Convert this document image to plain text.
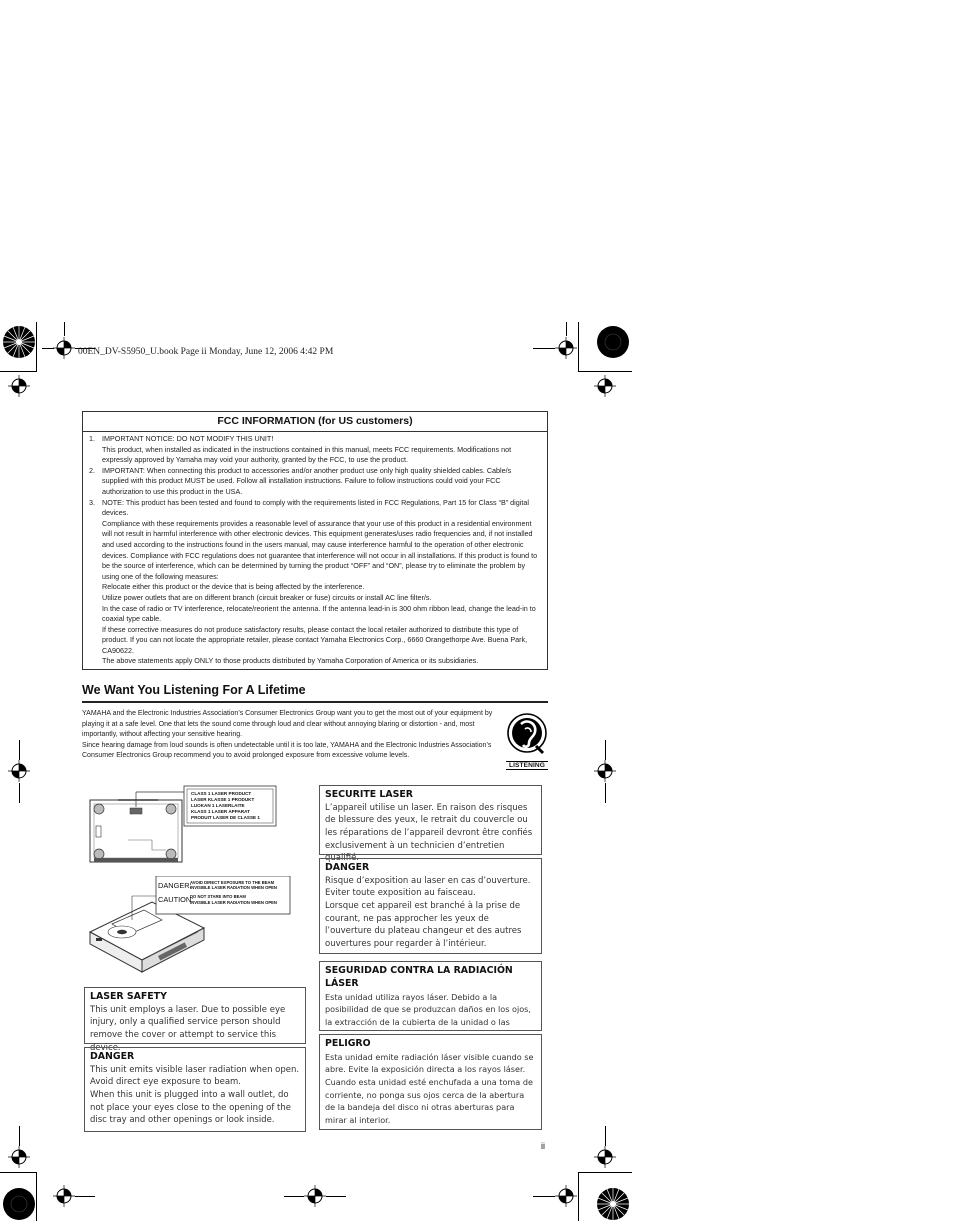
00EN_DV-S5950_U.book Page ii Monday, June 12, 2006 4:42 PM
FCC INFORMATION (for US customers)
1. IMPORTANT NOTICE: DO NOT MODIFY THIS UNIT!

This product, when installed as indicated in the instructions contained in this manual, meets FCC requirements. Modifications not expressly approved by Yamaha may void your authority, granted by the FCC, to use the product.

2. IMPORTANT: When connecting this product to accessories and/or another product use only high quality shielded cables. Cable/s supplied with this product MUST be used. Follow all installation instructions. Failure to follow instructions could void your FCC authorization to use this product in the USA.

3. NOTE: This product has been tested and found to comply with the requirements listed in FCC Regulations, Part 15 for Class “B” digital devices.

Compliance with these requirements provides a reasonable level of assurance that your use of this product in a residential environment will not result in harmful interference with other electronic devices. This equipment generates/uses radio frequencies and, if not installed and used according to the instructions found in the users manual, may cause interference harmful to the operation of other electronic devices. Compliance with FCC regulations does not guarantee that interference will not occur in all installations. If this product is found to be the source of interference, which can be determined by turning the product “OFF” and “ON”, please try to eliminate the problem by using one of the following measures:

Relocate either this product or the device that is being affected by the interference.

Utilize power outlets that are on different branch (circuit breaker or fuse) circuits or install AC line filter/s.

In the case of radio or TV interference, relocate/reorient the antenna. If the antenna lead-in is 300 ohm ribbon lead, change the lead-in to coaxial type cable.

If these corrective measures do not produce satisfactory results, please contact the local retailer authorized to distribute this type of product. If you can not locate the appropriate retailer, please contact Yamaha Electronics Corp., 6660 Orangethorpe Ave. Buena Park, CA90622.

The above statements apply ONLY to those products distributed by Yamaha Corporation of America or its subsidiaries.

We Want You Listening For A Lifetime

YAMAHA and the Electronic Industries Association’s Consumer Electronics Group want you to get the most out of your equipment by playing it at a safe level. One that lets the sound come through loud and clear without annoying blaring or distortion - and, most importantly, without affecting your sensitive hearing.

Since hearing damage from loud sounds is often undetectable until it is too late, YAMAHA and the Electronic Industries Association’s Consumer Electronics Group recommend you to avoid prolonged exposure from excessive volume levels.

LISTENING
CLASS 1 LASER PRODUCT
LASER KLASSE 1 PRODUKT
LUOKAN 1 LASERLAITE
KLASS 1 LASER APPARAT
PRODUIT LASER DE CLASSE 1
DANGER:
AVOID DIRECT EXPOSURE TO THE BEAM
INVISIBLE LASER RADIATION WHEN OPEN
CAUTION:
DO NOT STARE INTO BEAM
INVISIBLE LASER RADIATION WHEN OPEN
LASER SAFETY

This unit employs a laser. Due to possible eye injury, only a qualified service person should remove the cover or attempt to service this device.

DANGER

This unit emits visible laser radiation when open. Avoid direct eye exposure to beam.

When this unit is plugged into a wall outlet, do not place your eyes close to the opening of the disc tray and other openings or look inside.

SECURITE LASER

L’appareil utilise un laser. En raison des risques de blessure des yeux, le retrait du couvercle ou les réparations de l’appareil devront être confiés exclusivement à un technicien d’entretien qualifié.

DANGER

Risque d’exposition au laser en cas d’ouverture. Eviter toute exposition au faisceau.

Lorsque cet appareil est branché à la prise de courant, ne pas approcher les yeux de l’ouverture du plateau changeur et des autres ouvertures pour regarder à l’intérieur.

SEGURIDAD CONTRA LA RADIACIÓN LÁSER

Esta unidad utiliza rayos láser. Debido a la posibilidad de que se produzcan daños en los ojos, la extracción de la cubierta de la unidad o las

PELIGRO

Esta unidad emite radiación láser visible cuando se abre. Evite la exposición directa a los rayos láser. Cuando esta unidad esté enchufada a una toma de corriente, no ponga sus ojos cerca de la abertura de la bandeja del disco ni otras aberturas para mirar al interior.

ii
